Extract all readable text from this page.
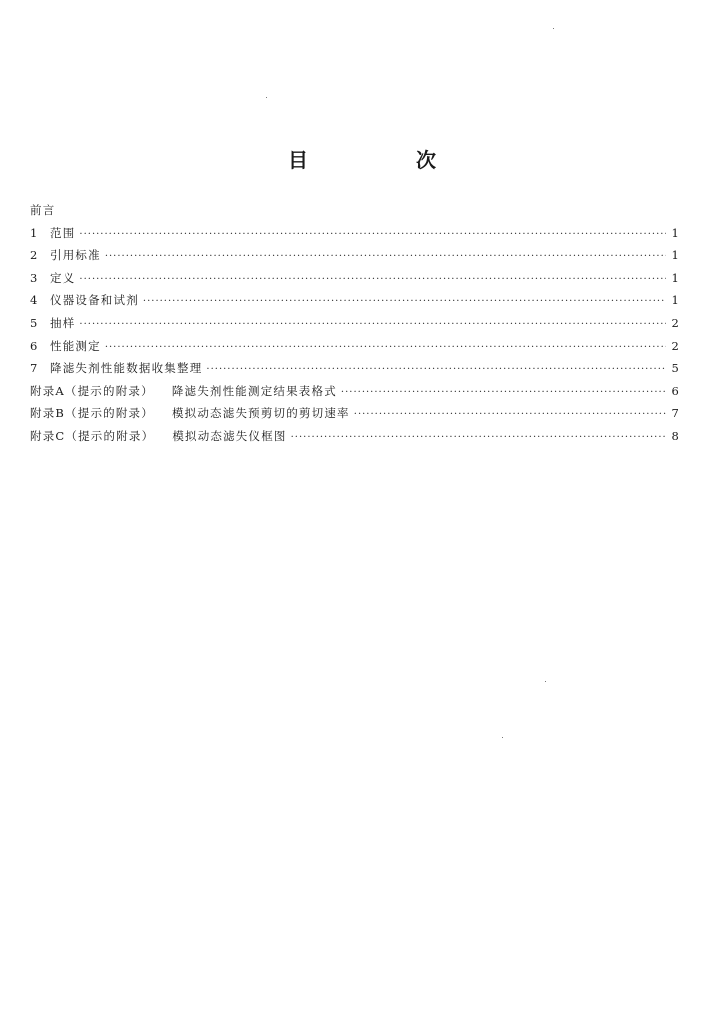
目　次
前言
1 范围 ·····	1
2 引用标准 ·····	1
3 定义 ·····	1
4 仪器设备和试剂 ·····	1
5 抽样 ·····	2
6 性能测定 ·····	2
7 降滤失剂性能数据收集整理 ·····	5
附录A（提示的附录） 降滤失剂性能测定结果表格式 ·····	6
附录B（提示的附录） 模拟动态滤失预剪切的剪切速率 ·····	7
附录C（提示的附录） 模拟动态滤失仪框图 ·····	8
